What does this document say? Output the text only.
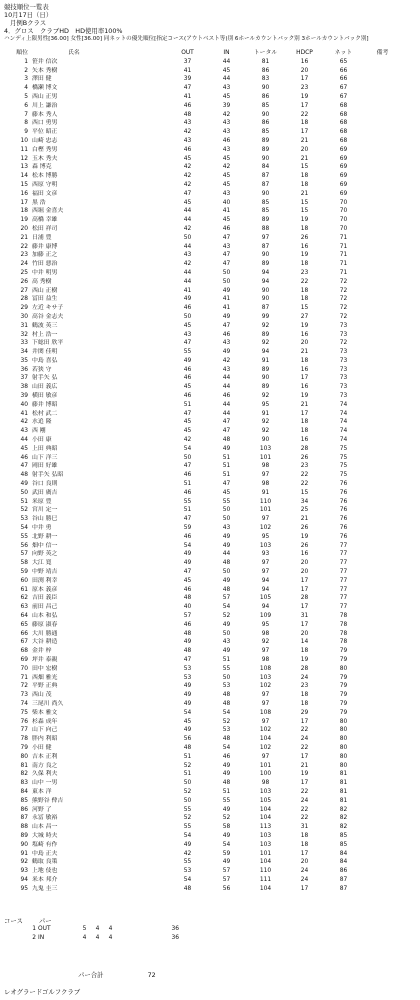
競技順位一覧表
10月17日（日）
月例Bクラス
4．グロス　クラブHD　HD使用率100%
ハンディ上限男性[36.00] 女性[36.00] 同ネットの優先順位[指定コース(アウトベスト等)別 6ホールカウントバック別 3ホールカウントバック別]
順位	氏名	OUT	IN	トータル	HDCP	ネット	備考
1	笹井 信次	37	44	81	16	65	
2	矢本 秀樹	41	45	86	20	66	
3	澤田 健	39	44	83	17	66	
4	橋瀬 博文	47	43	90	23	67	
5	西山 正男	41	45	86	19	67	
6	川上 謙治	46	39	85	17	68	
7	藤本 秀人	48	42	90	22	68	
8	西口 勇男	43	43	86	18	68	
9	平位 昭正	42	43	85	17	68	
10	山崎 忠志	43	46	89	21	68	
11	白樫 秀男	46	43	89	20	69	
12	玉木 秀夫	45	45	90	21	69	
13	森 博克	42	42	84	15	69	
14	松本 博勝	42	45	87	18	69	
15	西原 守明	42	45	87	18	69	
16	福田 文彦	47	43	90	21	69	
17	黒 浩	45	40	85	15	70	
18	西堀 金喜夫	44	41	85	15	70	
19	高橋 幸雄	44	45	89	19	70	
20	松田 祥司	42	46	88	18	70	
21	日浦 豊	50	47	97	26	71	
22	藤井 康博	44	43	87	16	71	
23	加藤 正之	43	47	90	19	71	
24	竹田 悪治	42	47	89	18	71	
25	中井 明男	44	50	94	23	71	
26	高 秀樹	44	50	94	22	72	
27	西山 正樹	41	49	90	18	72	
28	冨田 益生	49	41	90	18	72	
29	左近 キサ子	46	41	87	15	72	
30	高谷 金志夫	50	49	99	27	72	
31	鶴波 英三	45	47	92	19	73	
32	村上 浩一	43	46	89	16	73	
33	下総田 欣平	47	43	92	20	72	
34	井関 佳明	55	49	94	21	73	
35	中島 喜弘	49	42	91	18	73	
36	若狭 守	46	43	89	16	73	
37	射手矢 弘	46	44	90	17	73	
38	山田 義広	45	44	89	16	73	
39	横田 敏彦	46	46	92	19	73	
40	藤井 博昭	51	44	95	21	74	
41	松村 武二	47	44	91	17	74	
42	水追 隆	45	47	92	18	74	
43	西 剛	45	47	92	18	74	
44	小田 康	42	48	90	16	74	
45	上田 典昭	54	49	103	28	75	
46	山下 洋三	50	51	101	26	75	
47	岡田 好雄	47	51	98	23	75	
48	射手矢 弘昭	46	51	97	22	75	
49	谷口 良則	51	47	98	22	76	
50	武田 廣吉	46	45	91	15	76	
51	米原 豊	55	55	110	34	76	
52	宮川 定一	51	50	101	25	76	
53	谷山 勝巳	47	50	97	21	76	
54	中井 勇	59	43	102	26	76	
55	北野 耕一	46	49	95	19	76	
56	畑中 信一	54	49	103	26	77	
57	向野 英之	49	44	93	16	77	
58	大江 寛	49	48	97	20	77	
59	中野 靖吉	47	50	97	20	77	
60	田渕 利幸	45	49	94	17	77	
61	原本 義彦	46	48	94	17	77	
62	吉田 義臣	48	57	105	28	77	
63	前田 昌己	40	54	94	17	77	
64	山本 和弘	57	52	109	31	78	
65	藤原 淑春	46	49	95	17	78	
66	大川 勝通	48	50	98	20	78	
67	大谷 耕造	49	43	92	14	78	
68	金井 梓	48	49	97	18	79	
69	坪井 泰親	47	51	98	19	79	
70	田中 宏樹	53	55	108	28	80	
71	西畑 雅光	53	50	103	24	79	
72	平野 正典	49	53	102	23	79	
73	西山 茂	49	48	97	18	79	
74	三尾川 尚久	49	48	97	18	79	
75	柴本 雅文	54	54	108	29	79	
76	杉森 成年	45	52	97	17	80	
77	山下 向己	49	53	102	22	80	
78	胖内 利昭	56	48	104	24	80	
79	小田 健	48	54	102	22	80	
80	吉本 正利	51	46	97	17	80	
81	南方 良之	52	49	101	21	80	
82	久保 利夫	51	49	100	19	81	
83	山中 一男	50	48	98	17	81	
84	東本 洋	52	51	103	22	81	
85	熊野谷 俾吉	50	55	105	24	81	
86	河野 了	55	49	104	22	82	
87	永冨 敏裕	52	52	104	22	82	
88	山本 昌一	55	58	113	31	82	
89	大城 時夫	54	49	103	18	85	
90	塩崎 有作	49	54	103	18	85	
91	中島 正夫	42	59	101	17	84	
92	鶴取 良策	55	49	104	20	84	
93	上地 伎也	53	57	110	24	86	
94	米本 邦介	54	57	111	24	87	
95	九鬼 圭三	48	56	104	17	87	
コース	パー
1	OUT	5	4	4	36
2	IN	4	4	4	36
パー合計	72
レオグラードゴルフクラブ
